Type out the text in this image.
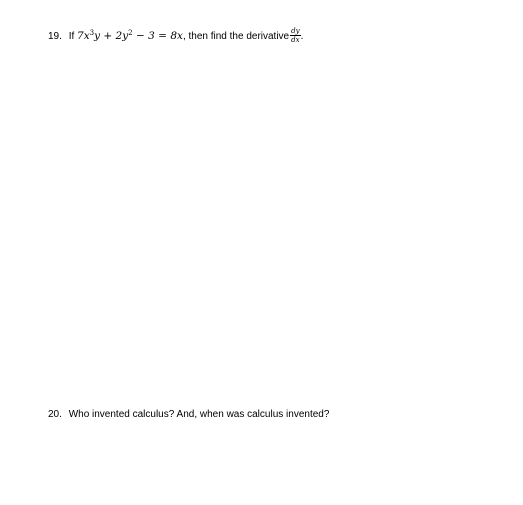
19. If $7x^3y + 2y^2 - 3 = 8x$, then find the derivative $\frac{dy}{dx}$ .
20. Who invented calculus? And, when was calculus invented?
